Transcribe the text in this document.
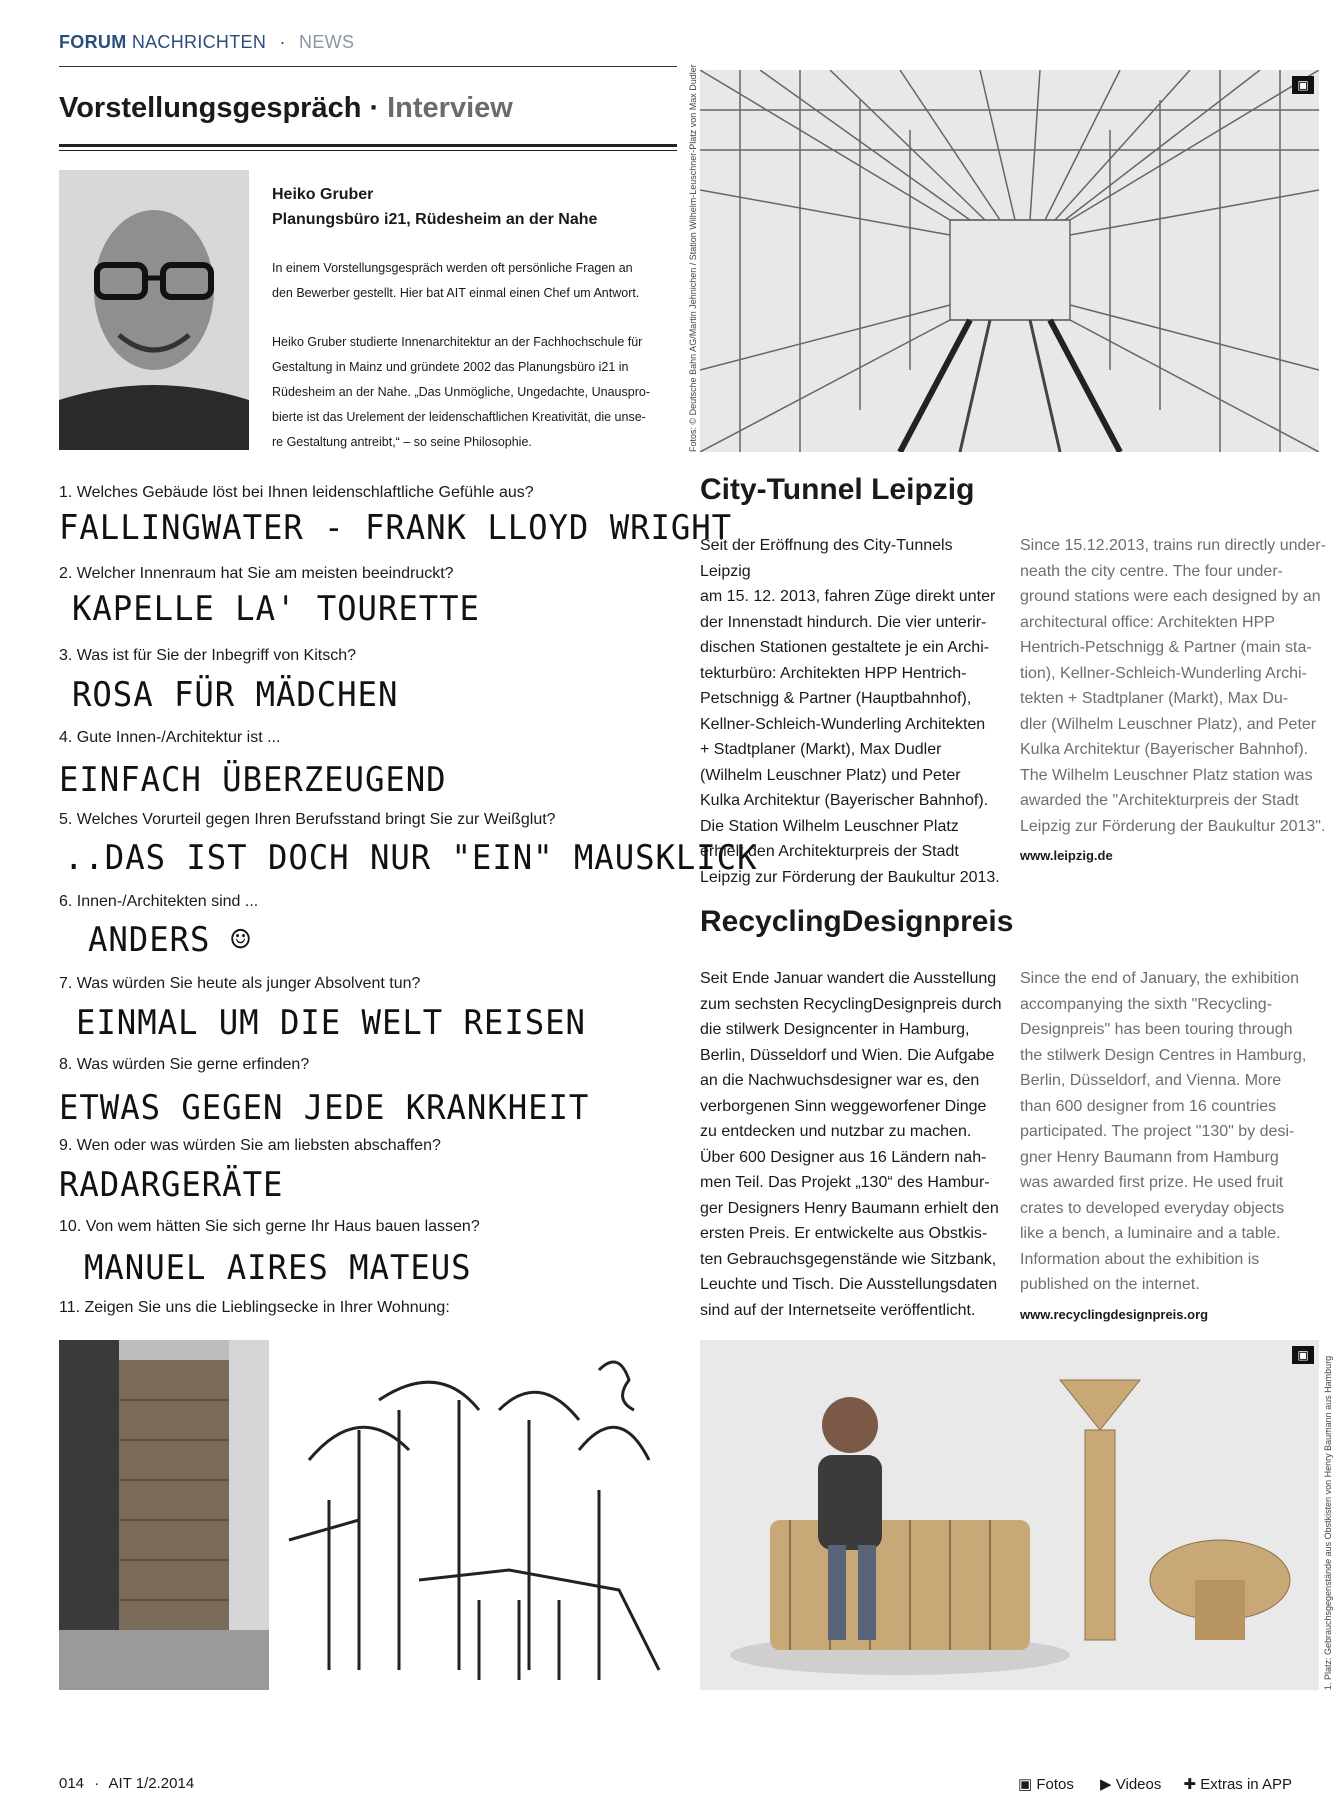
FORUM NACHRICHTEN · NEWS
Vorstellungsgespräch · Interview
Heiko Gruber
Planungsbüro i21, Rüdesheim an der Nahe
In einem Vorstellungsgespräch werden oft persönliche Fragen an
den Bewerber gestellt. Hier bat AIT einmal einen Chef um Antwort.
Heiko Gruber studierte Innenarchitektur an der Fachhochschule für
Gestaltung in Mainz und gründete 2002 das Planungsbüro i21 in
Rüdesheim an der Nahe. „Das Unmögliche, Ungedachte, Unauspro-
bierte ist das Urelement der leidenschaftlichen Kreativität, die unse-
re Gestaltung antreibt,“ – so seine Philosophie.
1. Welches Gebäude löst bei Ihnen leidenschlaftliche Gefühle aus?
FALLINGWATER - FRANK LLOYD WRIGHT
2. Welcher Innenraum hat Sie am meisten beeindruckt?
KAPELLE LA' TOURETTE
3. Was ist für Sie der Inbegriff von Kitsch?
ROSA FÜR MÄDCHEN
4. Gute Innen-/Architektur ist ...
EINFACH ÜBERZEUGEND
5. Welches Vorurteil gegen Ihren Berufsstand bringt Sie zur Weißglut?
..DAS IST DOCH NUR "EIN" MAUSKLICK
6. Innen-/Architekten sind ...
ANDERS ☺
7. Was würden Sie heute als junger Absolvent tun?
EINMAL UM DIE WELT REISEN
8. Was würden Sie gerne erfinden?
ETWAS GEGEN JEDE KRANKHEIT
9. Wen oder was würden Sie am liebsten abschaffen?
RADARGERÄTE
10. Von wem hätten Sie sich gerne Ihr Haus bauen lassen?
MANUEL AIRES MATEUS
11. Zeigen Sie uns die Lieblingsecke in Ihrer Wohnung:
Fotos: © Deutsche Bahn AG/Martin Jehnichen / Station Wilhelm-Leuschner-Platz von Max Dudler	▣
City-Tunnel Leipzig
Seit der Eröffnung des City-Tunnels Leipzig
am 15. 12. 2013, fahren Züge direkt unter
der Innenstadt hindurch. Die vier unterir-
dischen Stationen gestaltete je ein Archi-
tekturbüro: Architekten HPP Hentrich-
Petschnigg & Partner (Hauptbahnhof),
Kellner-Schleich-Wunderling Architekten
+ Stadtplaner (Markt), Max Dudler
(Wilhelm Leuschner Platz) und Peter
Kulka Architektur (Bayerischer Bahnhof).
Die Station Wilhelm Leuschner Platz
erhielt den Architekturpreis der Stadt
Leipzig zur Förderung der Baukultur 2013.
Since 15.12.2013, trains run directly under-
neath the city centre. The four under-
ground stations were each designed by an
architectural office: Architekten HPP
Hentrich-Petschnigg & Partner (main sta-
tion), Kellner-Schleich-Wunderling Archi-
tekten + Stadtplaner (Markt), Max Du-
dler (Wilhelm Leuschner Platz), and Peter
Kulka Architektur (Bayerischer Bahnhof).
The Wilhelm Leuschner Platz station was
awarded the "Architekturpreis der Stadt
Leipzig zur Förderung der Baukultur 2013".
www.leipzig.de
RecyclingDesignpreis
Seit Ende Januar wandert die Ausstellung
zum sechsten RecyclingDesignpreis durch
die stilwerk Designcenter in Hamburg,
Berlin, Düsseldorf und Wien. Die Aufgabe
an die Nachwuchsdesigner war es, den
verborgenen Sinn weggeworfener Dinge
zu entdecken und nutzbar zu machen.
Über 600 Designer aus 16 Ländern nah-
men Teil. Das Projekt „130“ des Hambur-
ger Designers Henry Baumann erhielt den
ersten Preis. Er entwickelte aus Obstkis-
ten Gebrauchsgegenstände wie Sitzbank,
Leuchte und Tisch. Die Ausstellungsdaten
sind auf der Internetseite veröffentlicht.
Since the end of January, the exhibition
accompanying the sixth "Recycling-
Designpreis" has been touring through
the stilwerk Design Centres in Hamburg,
Berlin, Düsseldorf, and Vienna. More
than 600 designer from 16 countries
participated. The project "130" by desi-
gner Henry Baumann from Hamburg
was awarded first prize. He used fruit
crates to developed everyday objects
like a bench, a luminaire and a table.
Information about the exhibition is
published on the internet.
www.recyclingdesignpreis.org
▣
1. Platz: Gebrauchsgegenstände aus Obstkisten von Henry Baumann aus Hamburg
014 · AIT 1/2.2014	▣ Fotos ▶ Videos ✚ Extras in APP
